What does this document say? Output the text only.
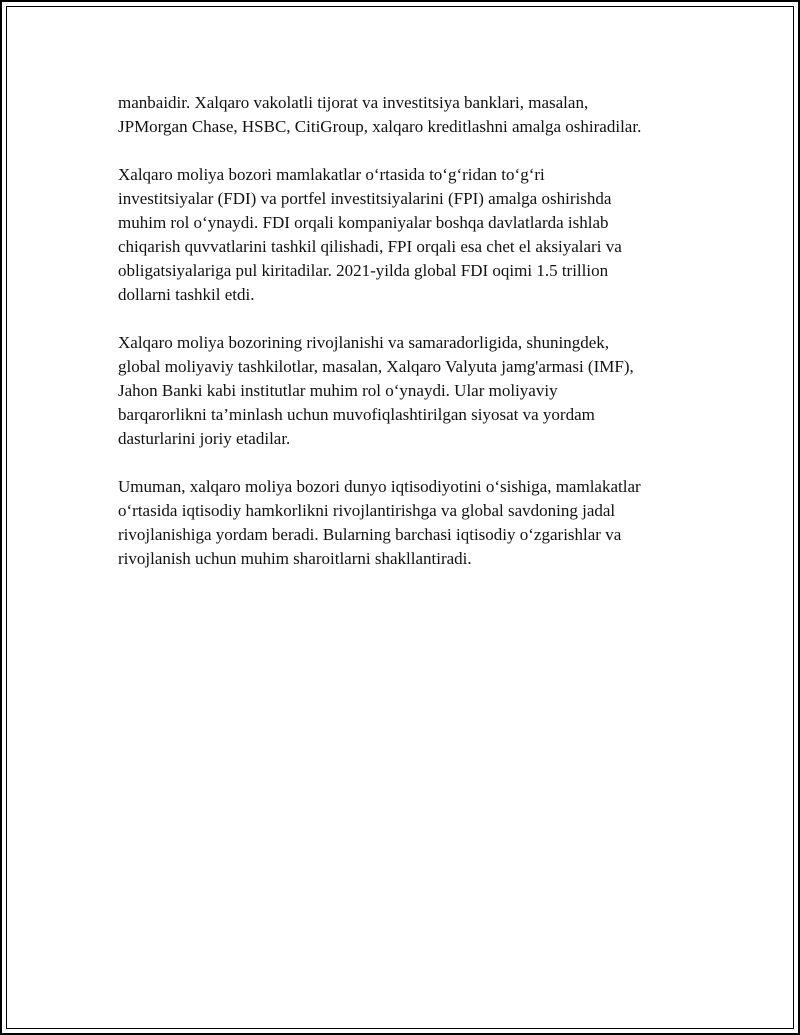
manbaidir. Xalqaro vakolatli tijorat va investitsiya banklari, masalan,
JPMorgan Chase, HSBC, CitiGroup, xalqaro kreditlashni amalga oshiradilar.

Xalqaro moliya bozori mamlakatlar o‘rtasida to‘g‘ridan to‘g‘ri
investitsiyalar (FDI) va portfel investitsiyalarini (FPI) amalga oshirishda
muhim rol o‘ynaydi. FDI orqali kompaniyalar boshqa davlatlarda ishlab
chiqarish quvvatlarini tashkil qilishadi, FPI orqali esa chet el aksiyalari va
obligatsiyalariga pul kiritadilar. 2021-yilda global FDI oqimi 1.5 trillion
dollarni tashkil etdi.

Xalqaro moliya bozorining rivojlanishi va samaradorligida, shuningdek,
global moliyaviy tashkilotlar, masalan, Xalqaro Valyuta jamg'armasi (IMF),
Jahon Banki kabi institutlar muhim rol o‘ynaydi. Ular moliyaviy
barqarorlikni ta’minlash uchun muvofiqlashtirilgan siyosat va yordam
dasturlarini joriy etadilar.

Umuman, xalqaro moliya bozori dunyo iqtisodiyotini o‘sishiga, mamlakatlar
o‘rtasida iqtisodiy hamkorlikni rivojlantirishga va global savdoning jadal
rivojlanishiga yordam beradi. Bularning barchasi iqtisodiy o‘zgarishlar va
rivojlanish uchun muhim sharoitlarni shakllantiradi.
